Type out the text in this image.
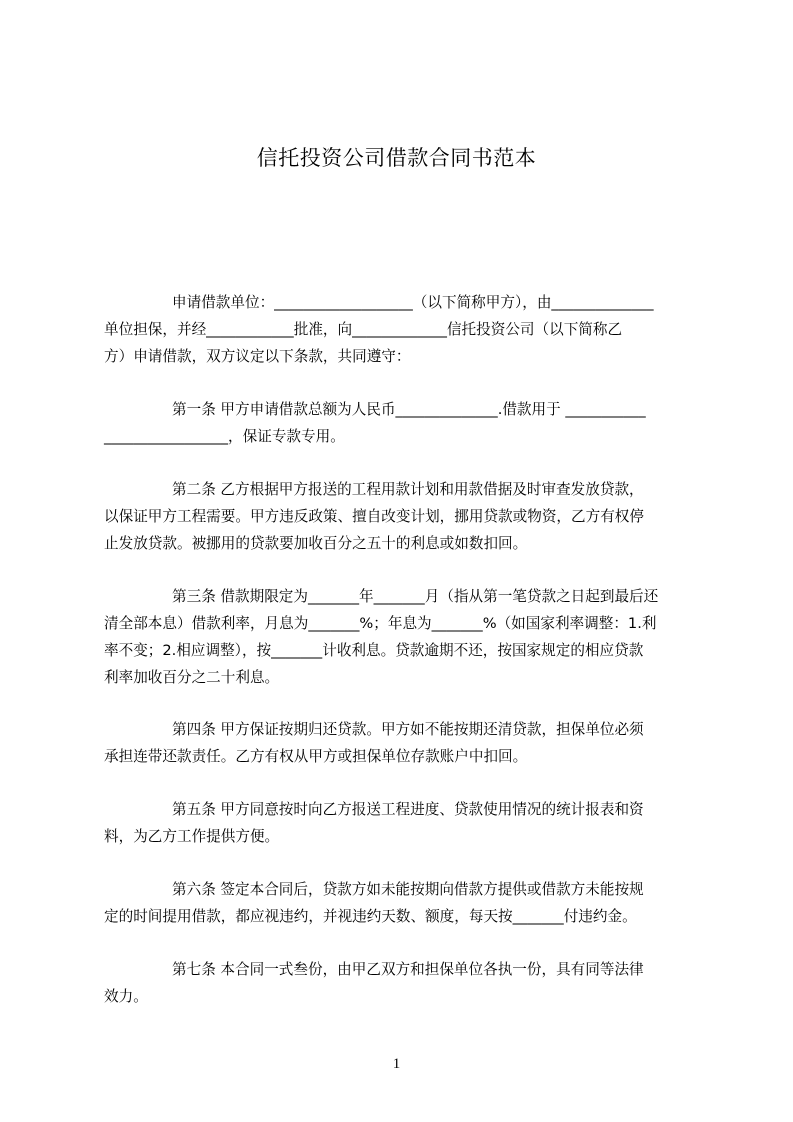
信托投资公司借款合同书范本
申请借款单位：___________________（以下简称甲方），由______________
单位担保，并经____________批准，向_____________信托投资公司（以下简称乙
方）申请借款，双方议定以下条款，共同遵守：
第一条 甲方申请借款总额为人民币______________.借款用于 ___________
_________________，保证专款专用。
第二条 乙方根据甲方报送的工程用款计划和用款借据及时审查发放贷款，
以保证甲方工程需要。甲方违反政策、擅自改变计划，挪用贷款或物资，乙方有权停
止发放贷款。被挪用的贷款要加收百分之五十的利息或如数扣回。
第三条 借款期限定为_______年_______月（指从第一笔贷款之日起到最后还
清全部本息）借款利率，月息为_______%；年息为_______%（如国家利率调整：1.利
率不变；2.相应调整），按_______计收利息。贷款逾期不还，按国家规定的相应贷款
利率加收百分之二十利息。
第四条 甲方保证按期归还贷款。甲方如不能按期还清贷款，担保单位必须
承担连带还款责任。乙方有权从甲方或担保单位存款账户中扣回。
第五条 甲方同意按时向乙方报送工程进度、贷款使用情况的统计报表和资
料，为乙方工作提供方便。
第六条 签定本合同后，贷款方如未能按期向借款方提供或借款方未能按规
定的时间提用借款，都应视违约，并视违约天数、额度，每天按_______付违约金。
第七条 本合同一式叁份，由甲乙双方和担保单位各执一份，具有同等法律
效力。
1
